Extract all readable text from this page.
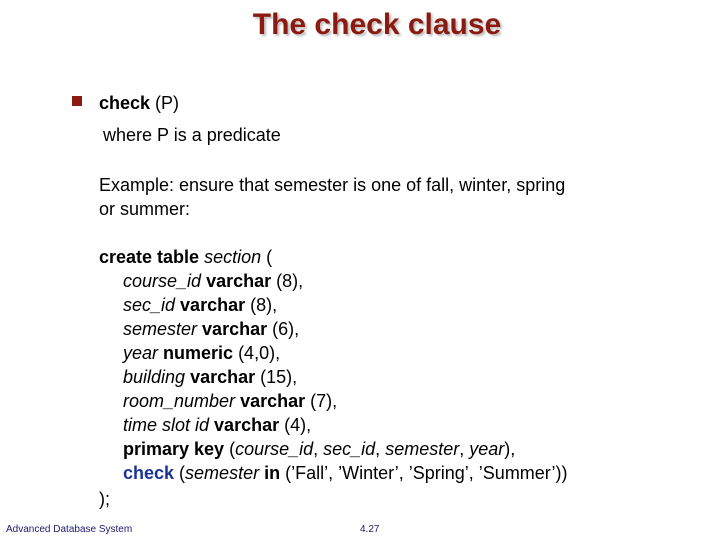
The check clause
check (P)
where P is a predicate
Example: ensure that semester is one of fall, winter, spring
or summer:
create table section (
course_id varchar (8),
sec_id varchar (8),
semester varchar (6),
year numeric (4,0),
building varchar (15),
room_number varchar (7),
time slot id varchar (4),
primary key (course_id, sec_id, semester, year),
check (semester in (’Fall’, ’Winter’, ’Spring’, ’Summer’))
);
Advanced Database System	4.27
